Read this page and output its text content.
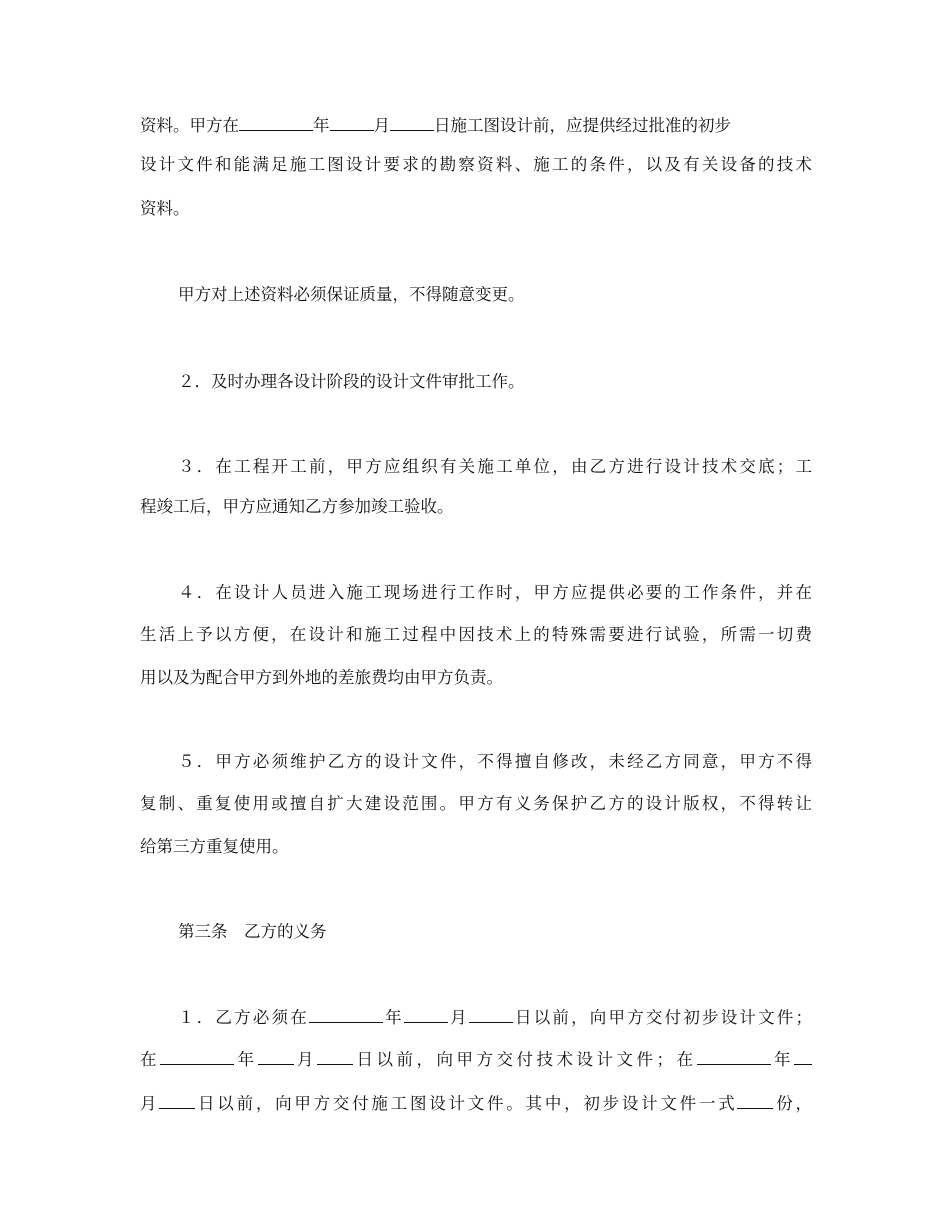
资料。甲方在	年	月	日施工图设计前，应提供经过批准的初步
设计文件和能满足施工图设计要求的勘察资料、施工的条件，以及有关设备的技术
资料。
甲方对上述资料必须保证质量，不得随意变更。
２．及时办理各设计阶段的设计文件审批工作。
３．在工程开工前，甲方应组织有关施工单位，由乙方进行设计技术交底；工
程竣工后，甲方应通知乙方参加竣工验收。
４．在设计人员进入施工现场进行工作时，甲方应提供必要的工作条件，并在
生活上予以方便，在设计和施工过程中因技术上的特殊需要进行试验，所需一切费
用以及为配合甲方到外地的差旅费均由甲方负责。
５．甲方必须维护乙方的设计文件，不得擅自修改，未经乙方同意，甲方不得
复制、重复使用或擅自扩大建设范围。甲方有义务保护乙方的设计版权，不得转让
给第三方重复使用。
第三条　乙方的义务
１．乙方必须在	年	月	日以前，向甲方交付初步设计文件；
在	年 月 日以前，向甲方交付技术设计文件；在	年
月 日以前，向甲方交付施工图设计文件。其中，初步设计文件一式 份，
